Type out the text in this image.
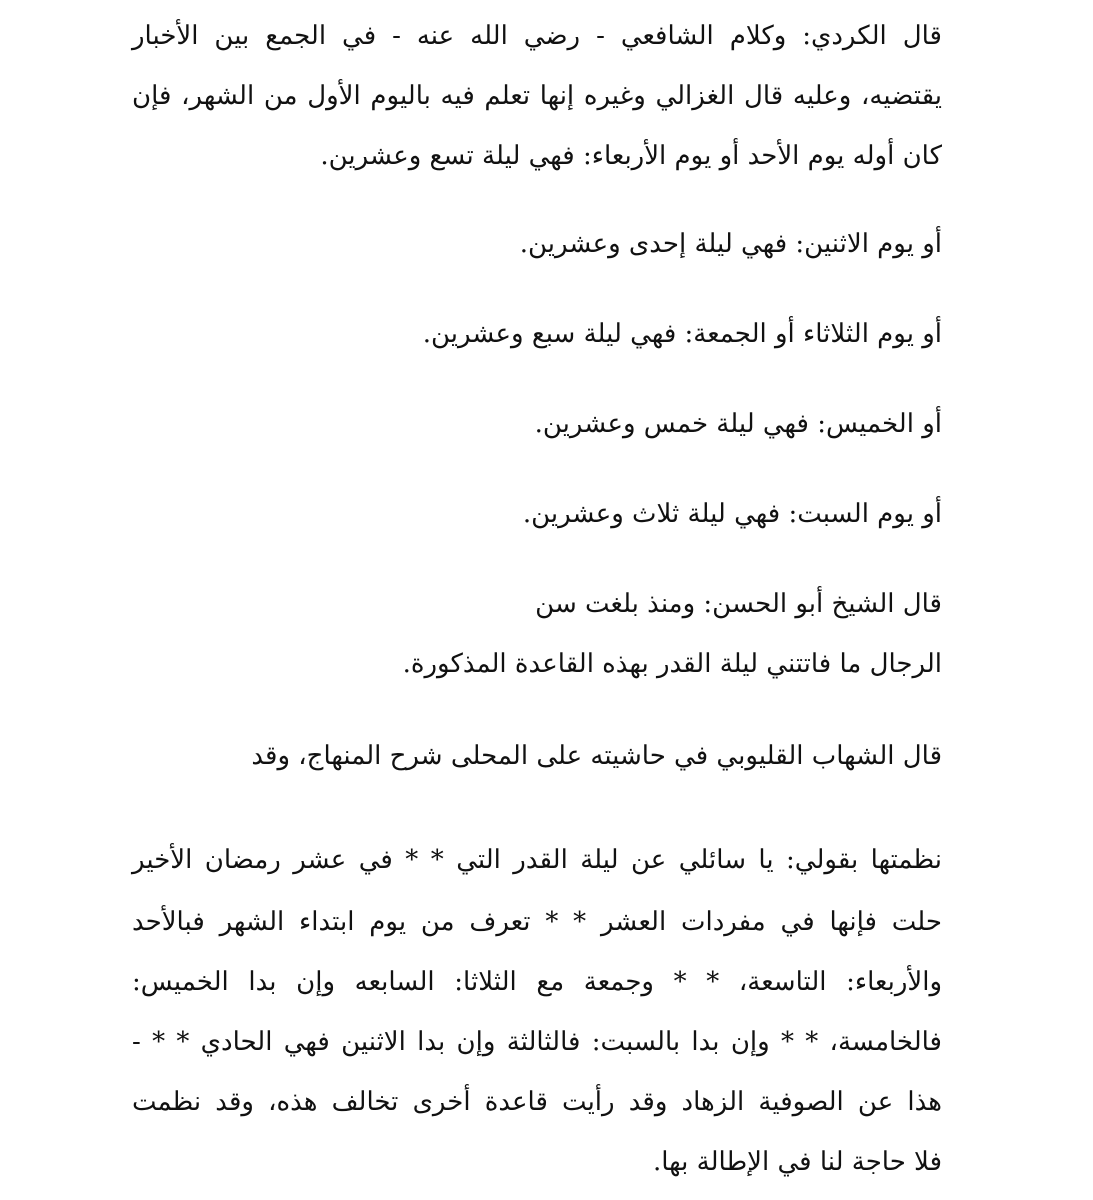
قال الكردي: وكلام الشافعي - رضي الله عنه - في الجمع بين الأخبار
يقتضيه، وعليه قال الغزالي وغيره إنها تعلم فيه باليوم الأول من الشهر، فإن
كان أوله يوم الأحد أو يوم الأربعاء: فهي ليلة تسع وعشرين.
أو يوم الاثنين: فهي ليلة إحدى وعشرين.
أو يوم الثلاثاء أو الجمعة: فهي ليلة سبع وعشرين.
أو الخميس: فهي ليلة خمس وعشرين.
أو يوم السبت: فهي ليلة ثلاث وعشرين.
قال الشيخ أبو الحسن: ومنذ بلغت سن
الرجال ما فاتتني ليلة القدر بهذه القاعدة المذكورة.
قال الشهاب القليوبي في حاشيته على المحلى شرح المنهاج، وقد
نظمتها بقولي: يا سائلي عن ليلة القدر التي * * في عشر رمضان الأخير
حلت فإنها في مفردات العشر * * تعرف من يوم ابتداء الشهر فبالأحد
والأربعاء: التاسعة، * * وجمعة مع الثلاثا: السابعه وإن بدا الخميس:
فالخامسة، * * وإن بدا بالسبت: فالثالثة وإن بدا الاثنين فهي الحادي * * -
هذا عن الصوفية الزهاد وقد رأيت قاعدة أخرى تخالف هذه، وقد نظمت
فلا حاجة لنا في الإطالة بها.
